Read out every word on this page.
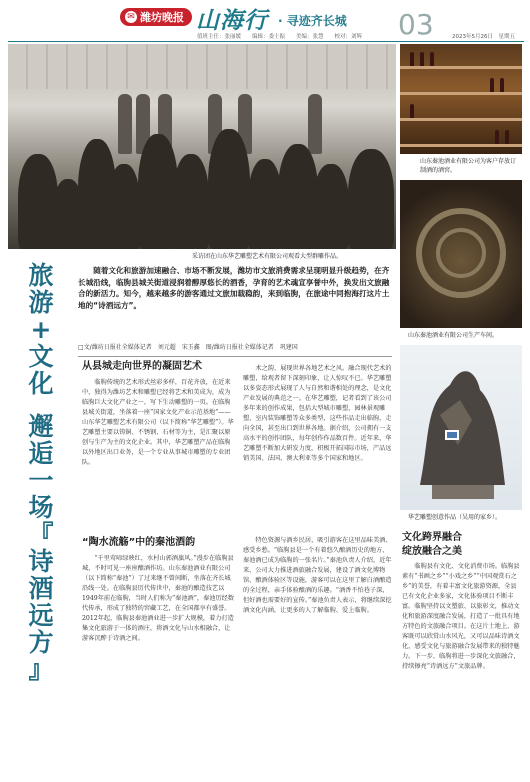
✉ 潍坊晚报 山海行 · 寻迹齐长城
值班主任：张丽媛　　编辑：娄士振　　美编：张慧　　校对：刘辉 03	2023年5月26日　星期五
采访团在山东华艺雕塑艺术有限公司观看大型群雕作品。
山东秦池酒业有限公司为客户存放订制酒的酒窖。
山东秦池酒业有限公司生产车间。
华艺雕塑创意作品（吴用的家乡）。
旅
游
+
文
化
邂
逅
一
场
『
诗
酒
远
方
』
随着文化和旅游加速融合、市场不断发展，潍坊市文旅消费需求呈现明显升级趋势，在齐长城沿线，临朐县城关街道浸润着醇厚悠长的酒香，孕育的艺术魂宣享誉中外，换发出文旅融合的新活力。知今，越来越多的游客通过文旅加载稳韵，来到临朐，在旅途中同抱海打这片土地的“诗酒远方”。
□文/潍坊日报社全媒体记者　刘元超　宋玉鑫　图/潍坊日报社全媒体记者　巩建国
从县城走向世界的凝固艺术

临朐传统的艺术形式丝彩多样，百花齐放，在近来中，独得为潍坊艺术和雕塑已经将艺术和美成为，成为临朐巨大文化产业之一，写下生动雕塑的一页。在临朐县城关街道，坐落着一座“国家文化产业示范基地”——山东华艺雕塑艺术有限公司（以下简称“华艺雕塑”）。华艺雕塑主要以铸铜、不锈钢、石材等为主，是汇聚以原创与生产为主的文化企业。其中，华艺雕塑产品在临朐以外地区出口业务，是一个专业从事城市雕塑的专业团队。

“陶水流觞”中的秦池酒韵

“千里莺啼绿映红，水村山郭酒旗风。”漫步在临朐县城，不时可见一座座酿酒作坊。山东秦池酒业有限公司（以下简称“秦池”）了过来继不曾间断，坐落在齐长城沿线一处。在临朐县历代传世中，秦池的酿造技艺以1949年前在临朐，当时人们称为“秦池酒”，秦池历经数代传承，形成了独特的窖藏工艺，在全国都享有盛誉。2012年起，临朐县秦池酒业进一步扩大规模，着力打造集文化旅游于一体的酒庄，将酒文化与山水相融合，让游客沉醉于诗酒之间。

术之韵，展现世界各地艺术之风。融合现代艺术的雕塑，给观者留下深刻印象，让人惊叹不已。华艺雕塑以多姿态形式展现了人与自然和谐相处的理念，是文化产业发展的典范之一。在华艺雕塑，记者看到了该公司多年来的创作成果，包括大型城市雕塑、园林景观雕塑、室内装饰雕塑等众多类型，这些作品走出临朐，走向全国，甚至出口到世界各地。据介绍，公司拥有一支高水平的创作团队，每年创作作品数百件。近年来，华艺雕塑不断加大研发力度，积极开拓国际市场，产品远销美国、法国、澳大利亚等多个国家和地区。

特色资源与酒乡民居，吸引游客在这里品味美酒、感受乡愁。“临朐县是一个有着悠久酿酒历史的地方，秦池酒已成为临朐的一张名片。”秦池负责人介绍，近年来，公司大力推进酒旅融合发展，建设了酒文化博物馆、酿酒体验区等设施，游客可以在这里了解白酒酿造的全过程，亲手体验酿酒的乐趣。“酒香不怕巷子深，但好酒也需要好的宣传。”秦池负责人表示，将继续深挖酒文化内涵，让更多的人了解临朐、爱上临朐。

文化跨界融合
绽放融合之美

临朐县有文化、文化消费市场。临朐县素有“书画之乡”“小戏之乡”“中国观赏石之乡”的美誉，有着丰富文化旅游资源，全县已有文化企业多家，文化体验项目不断丰富。临朐坚持以文塑旅、以旅彰文，推动文化和旅游深度融合发展，打造了一批具有地方特色的文旅融合项目。在这片土地上，游客既可以欣赏山水风光，又可以品味诗酒文化，感受文化与旅游融合发展带来的独特魅力。下一步，临朐将进一步深化文旅融合，持续擦亮“诗酒远方”文旅品牌。
